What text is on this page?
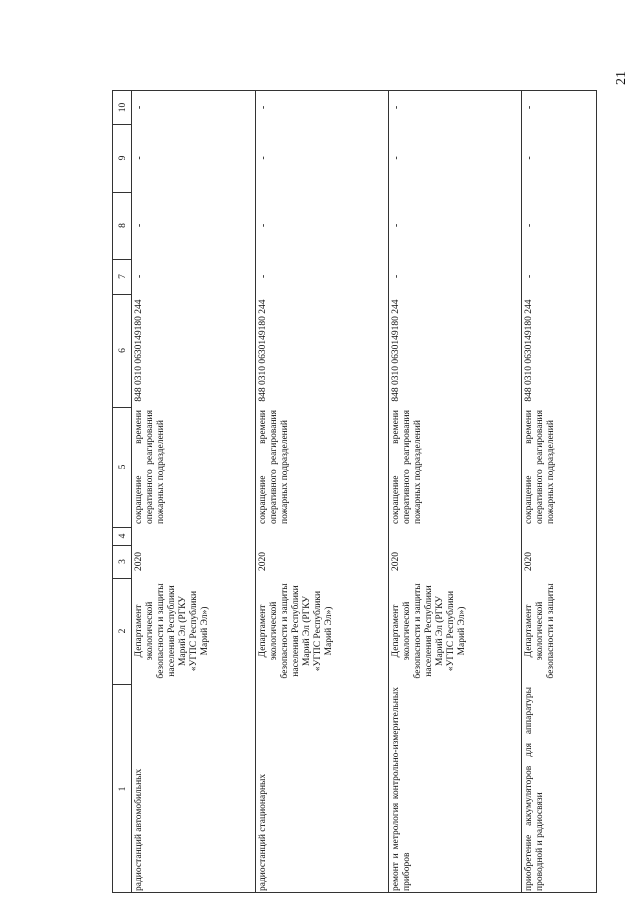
21
1
2
3
4
5
6
7
8
9
10
радиостанций автомобильных
Департамент экологической безопасности и защиты населения Республики Марий Эл (РГКУ «УГПС Республики Марий Эл»)
2020
сокращение времени оперативного реагирования пожарных подразделений
848 0310 0630149180 244
-
-
-
-
радиостанций стационарных
Департамент экологической безопасности и защиты населения Республики Марий Эл (РГКУ «УГПС Республики Марий Эл»)
2020
сокращение времени оперативного реагирования пожарных подразделений
848 0310 0630149180 244
-
-
-
-
ремонт и метрология контрольно-измерительных приборов
Департамент экологической безопасности и защиты населения Республики Марий Эл (РГКУ «УГПС Республики Марий Эл»)
2020
сокращение времени оперативного реагирования пожарных подразделений
848 0310 0630149180 244
-
-
-
-
приобретение аккумуляторов для аппаратуры проводной и радиосвязи
Департамент экологической безопасности и защиты
2020
сокращение времени оперативного реагирования пожарных подразделений
848 0310 0630149180 244
-
-
-
-
